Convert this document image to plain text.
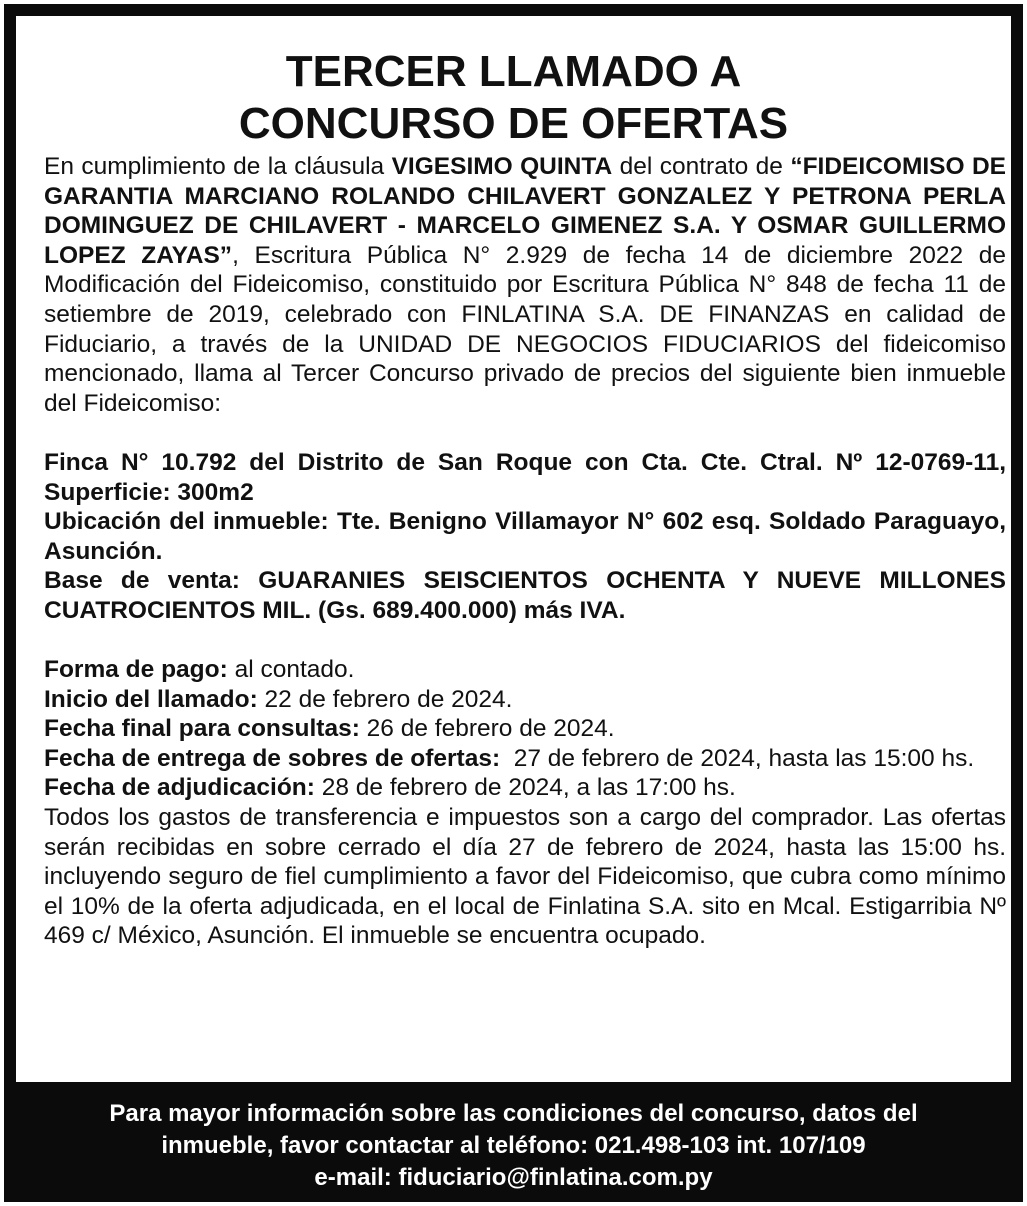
TERCER LLAMADO A
CONCURSO DE OFERTAS

En cumplimiento de la cláusula VIGESIMO QUINTA del contrato de “FIDEICOMISO DE GARANTIA MARCIANO ROLANDO CHILAVERT GONZALEZ Y PETRONA PERLA DOMINGUEZ DE CHILAVERT - MARCELO GIMENEZ S.A. Y OSMAR GUILLERMO LOPEZ ZAYAS”, Escritura Pública N° 2.929 de fecha 14 de diciembre 2022 de Modificación del Fideicomiso, constituido por Escritura Pública N° 848 de fecha 11 de setiembre de 2019, celebrado con FINLATINA S.A. DE FINANZAS en calidad de Fiduciario, a través de la UNIDAD DE NEGOCIOS FIDUCIARIOS del fideicomiso mencionado, llama al Tercer Concurso privado de precios del siguiente bien inmueble del Fideicomiso:

Finca N° 10.792 del Distrito de San Roque con Cta. Cte. Ctral. Nº 12-0769-11, Superficie: 300m2

Ubicación del inmueble: Tte. Benigno Villamayor N° 602 esq. Soldado Paraguayo, Asunción.

Base de venta: GUARANIES SEISCIENTOS OCHENTA Y NUEVE MILLONES CUATROCIENTOS MIL. (Gs. 689.400.000) más IVA.

Forma de pago: al contado.

Inicio del llamado: 22 de febrero de 2024.

Fecha final para consultas: 26 de febrero de 2024.

Fecha de entrega de sobres de ofertas:  27 de febrero de 2024, hasta las 15:00 hs.

Fecha de adjudicación: 28 de febrero de 2024, a las 17:00 hs.

Todos los gastos de transferencia e impuestos son a cargo del comprador. Las ofertas serán recibidas en sobre cerrado el día 27 de febrero de 2024, hasta las 15:00 hs. incluyendo seguro de fiel cumplimiento a favor del Fideicomiso, que cubra como mínimo el 10% de la oferta adjudicada, en el local de Finlatina S.A. sito en Mcal. Estigarribia Nº 469 c/ México, Asunción. El inmueble se encuentra ocupado.

Para mayor información sobre las condiciones del concurso, datos del
inmueble, favor contactar al teléfono: 021.498-103 int. 107/109
e-mail: fiduciario@finlatina.com.py
